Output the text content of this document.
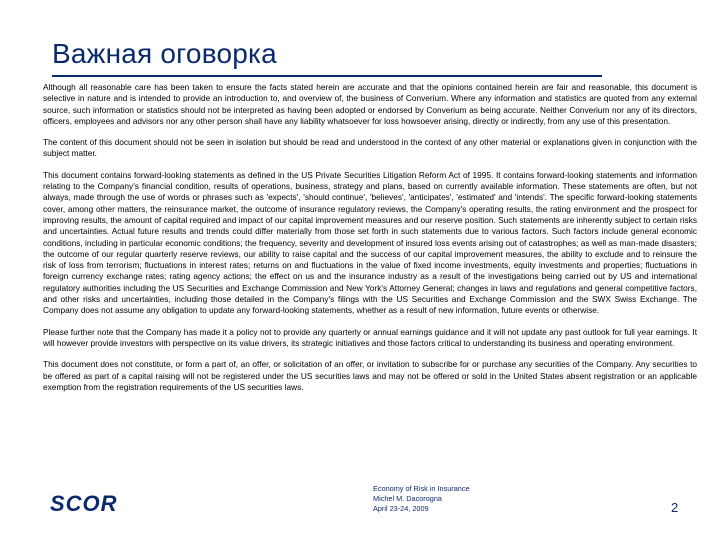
Важная оговорка

Although all reasonable care has been taken to ensure the facts stated herein are accurate and that the opinions contained herein are fair and reasonable, this document is selective in nature and is intended to provide an introduction to, and overview of, the business of Converium. Where any information and statistics are quoted from any external source, such information or statistics should not be interpreted as having been adopted or endorsed by Converium as being accurate. Neither Converium nor any of its directors, officers, employees and advisors nor any other person shall have any liability whatsoever for loss howsoever arising, directly or indirectly, from any use of this presentation.

The content of this document should not be seen in isolation but should be read and understood in the context of any other material or explanations given in conjunction with the subject matter.

This document contains forward-looking statements as defined in the US Private Securities Litigation Reform Act of 1995. It contains forward-looking statements and information relating to the Company's financial condition, results of operations, business, strategy and plans, based on currently available information. These statements are often, but not always, made through the use of words or phrases such as 'expects', 'should continue', 'believes', 'anticipates', 'estimated' and 'intends'. The specific forward-looking statements cover, among other matters, the reinsurance market, the outcome of insurance regulatory reviews, the Company's operating results, the rating environment and the prospect for improving results, the amount of capital required and impact of our capital improvement measures and our reserve position. Such statements are inherently subject to certain risks and uncertainties. Actual future results and trends could differ materially from those set forth in such statements due to various factors. Such factors include general economic conditions, including in particular economic conditions; the frequency, severity and development of insured loss events arising out of catastrophes; as well as man-made disasters; the outcome of our regular quarterly reserve reviews, our ability to raise capital and the success of our capital improvement measures, the ability to exclude and to reinsure the risk of loss from terrorism; fluctuations in interest rates; returns on and fluctuations in the value of fixed income investments, equity investments and properties; fluctuations in foreign currency exchange rates; rating agency actions; the effect on us and the insurance industry as a result of the investigations being carried out by US and international regulatory authorities including the US Securities and Exchange Commission and New York's Attorney General; changes in laws and regulations and general competitive factors, and other risks and uncertainties, including those detailed in the Company's filings with the US Securities and Exchange Commission and the SWX Swiss Exchange. The Company does not assume any obligation to update any forward-looking statements, whether as a result of new information, future events or otherwise.

Please further note that the Company has made it a policy not to provide any quarterly or annual earnings guidance and it will not update any past outlook for full year earnings. It will however provide investors with perspective on its value drivers, its strategic initiatives and those factors critical to understanding its business and operating environment.

This document does not constitute, or form a part of, an offer, or solicitation of an offer, or invitation to subscribe for or purchase any securities of the Company. Any securities to be offered as part of a capital raising will not be registered under the US securities laws and may not be offered or sold in the United States absent registration or an applicable exemption from the registration requirements of the US securities laws.

SCOR
Economy of Risk in Insurance
Michel M. Dacorogna
April 23-24, 2009	2
